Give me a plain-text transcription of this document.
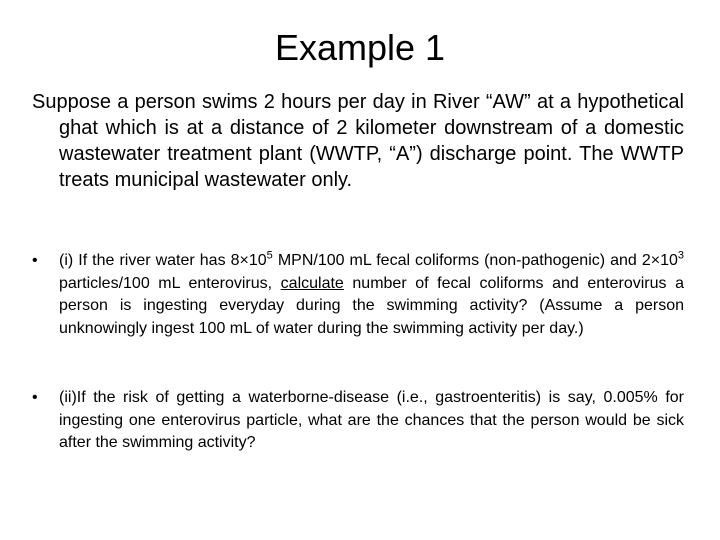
Example 1

Suppose a person swims 2 hours per day in River “AW” at a hypothetical ghat which is at a distance of 2 kilometer downstream of a domestic wastewater treatment plant (WWTP, “A”) discharge point. The WWTP treats municipal wastewater only.

•	(i) If the river water has $8\times 10^5$ MPN/100 mL fecal coliforms (non-pathogenic) and $2\times 10^3$ particles/100 mL enterovirus, calculate number of fecal coliforms and enterovirus a person is ingesting everyday during the swimming activity? (Assume a person unknowingly ingest 100 mL of water during the swimming activity per day.)
•	(ii)If the risk of getting a waterborne-disease (i.e., gastroenteritis) is say, 0.005% for ingesting one enterovirus particle, what are the chances that the person would be sick after the swimming activity?
